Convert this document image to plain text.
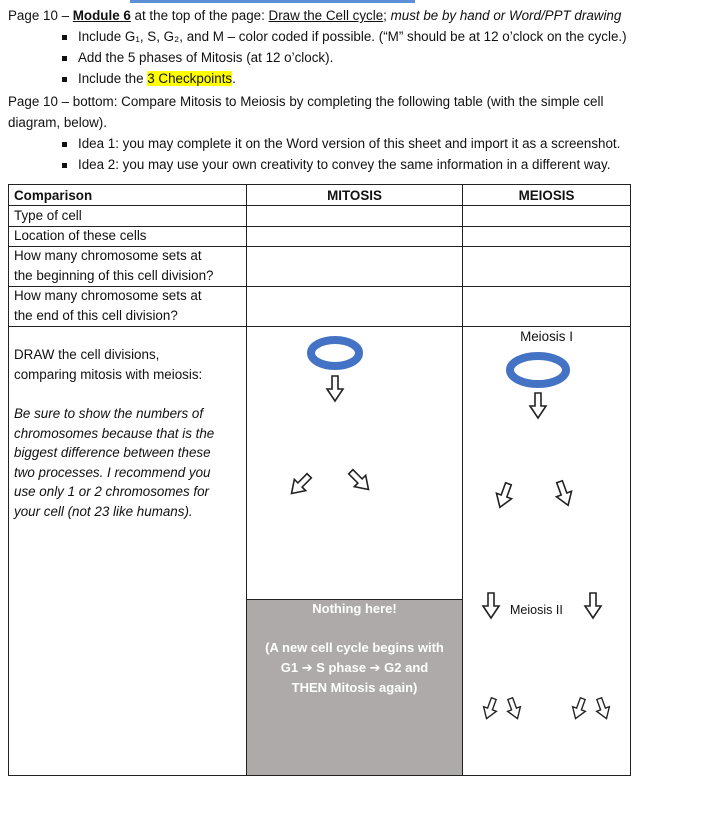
Page 10 – Module 6 at the top of the page: Draw the Cell cycle; must be by hand or Word/PPT drawing
Include G₁, S, G₂, and M – color coded if possible. (“M” should be at 12 o’clock on the cycle.)
Add the 5 phases of Mitosis (at 12 o’clock).
Include the 3 Checkpoints.
Page 10 – bottom: Compare Mitosis to Meiosis by completing the following table (with the simple cell
diagram, below).
Idea 1: you may complete it on the Word version of this sheet and import it as a screenshot.
Idea 2: you may use your own creativity to convey the same information in a different way.
Comparison	MITOSIS	MEIOSIS
Type of cell
Location of these cells
How many chromosome sets at
the beginning of this cell division?
How many chromosome sets at
the end of this cell division?
DRAW the cell divisions,
comparing mitosis with meiosis:
Be sure to show the numbers of
chromosomes because that is the
biggest difference between these
two processes. I recommend you
use only 1 or 2 chromosomes for
your cell (not 23 like humans).
Meiosis I
Meiosis II
Nothing here!
(A new cell cycle begins with
G1 ➔ S phase ➔ G2 and
THEN Mitosis again)
